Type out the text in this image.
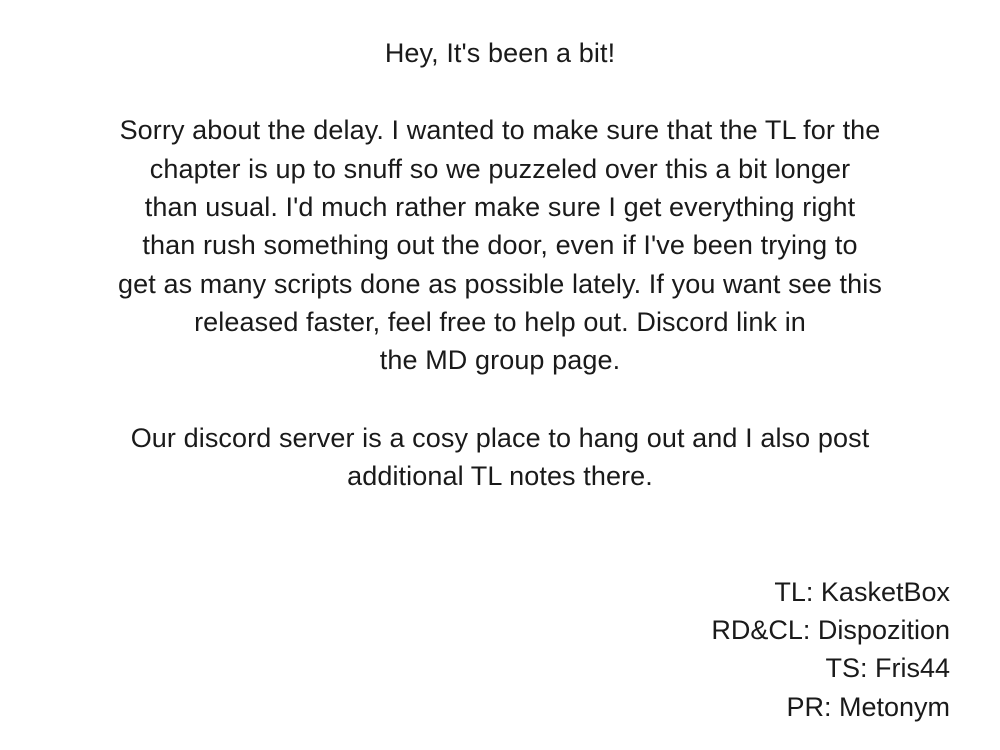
Hey, It's been a bit!
Sorry about the delay. I wanted to make sure that the TL for the
chapter is up to snuff so we puzzeled over this a bit longer
than usual. I'd much rather make sure I get everything right
than rush something out the door, even if I've been trying to
get as many scripts done as possible lately. If you want see this
released faster, feel free to help out. Discord link in
the MD group page.
Our discord server is a cosy place to hang out and I also post
additional TL notes there.
TL: KasketBox
RD&CL: Dispozition
TS: Fris44
PR: Metonym
